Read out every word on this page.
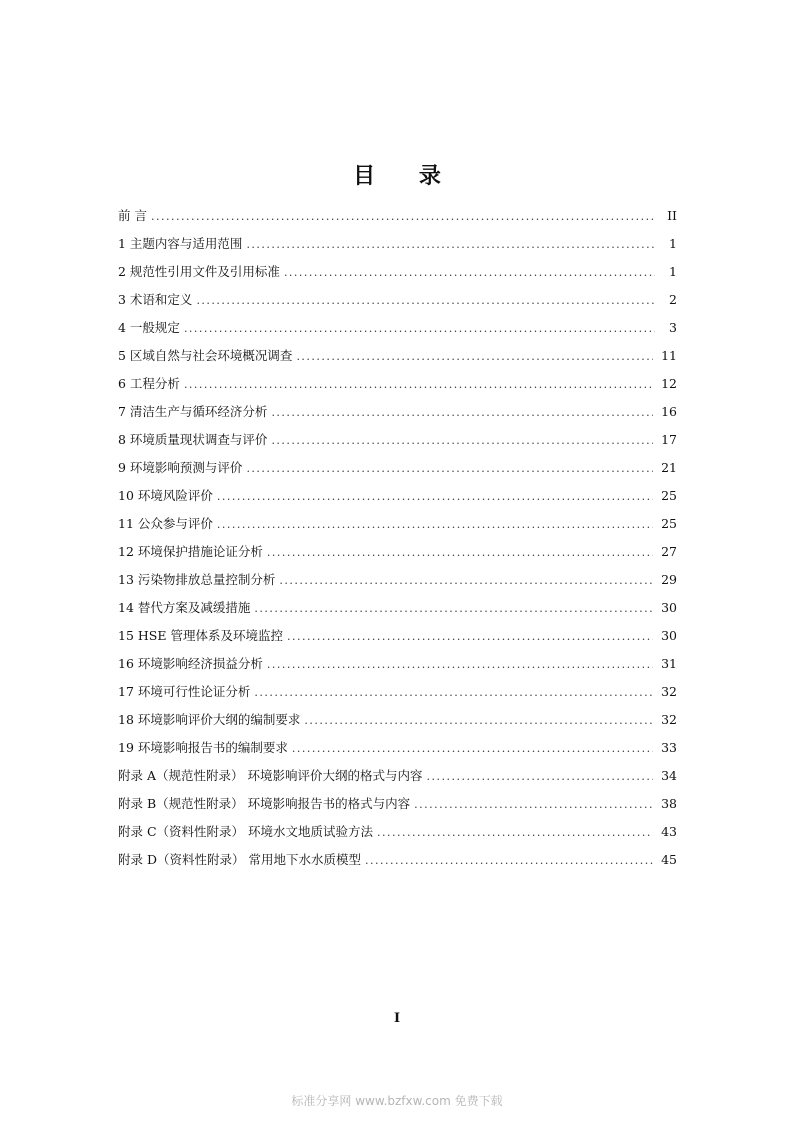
目 录
前 言 .....	II
1 主题内容与适用范围 .....	1
2 规范性引用文件及引用标准 .....	1
3 术语和定义 .....	2
4 一般规定 .....	3
5 区域自然与社会环境概况调查 .....	11
6 工程分析 .....	12
7 清洁生产与循环经济分析 .....	16
8 环境质量现状调查与评价 .....	17
9 环境影响预测与评价 .....	21
10 环境风险评价 .....	25
11 公众参与评价 .....	25
12 环境保护措施论证分析 .....	27
13 污染物排放总量控制分析 .....	29
14 替代方案及减缓措施 .....	30
15 HSE 管理体系及环境监控 .....	30
16 环境影响经济损益分析 .....	31
17 环境可行性论证分析 .....	32
18 环境影响评价大纲的编制要求 .....	32
19 环境影响报告书的编制要求 .....	33
附录 A（规范性附录） 环境影响评价大纲的格式与内容 .....	34
附录 B（规范性附录） 环境影响报告书的格式与内容 .....	38
附录 C（资料性附录） 环境水文地质试验方法 .....	43
附录 D（资料性附录） 常用地下水水质模型 .....	45
I
标准分享网 www.bzfxw.com 免费下载
